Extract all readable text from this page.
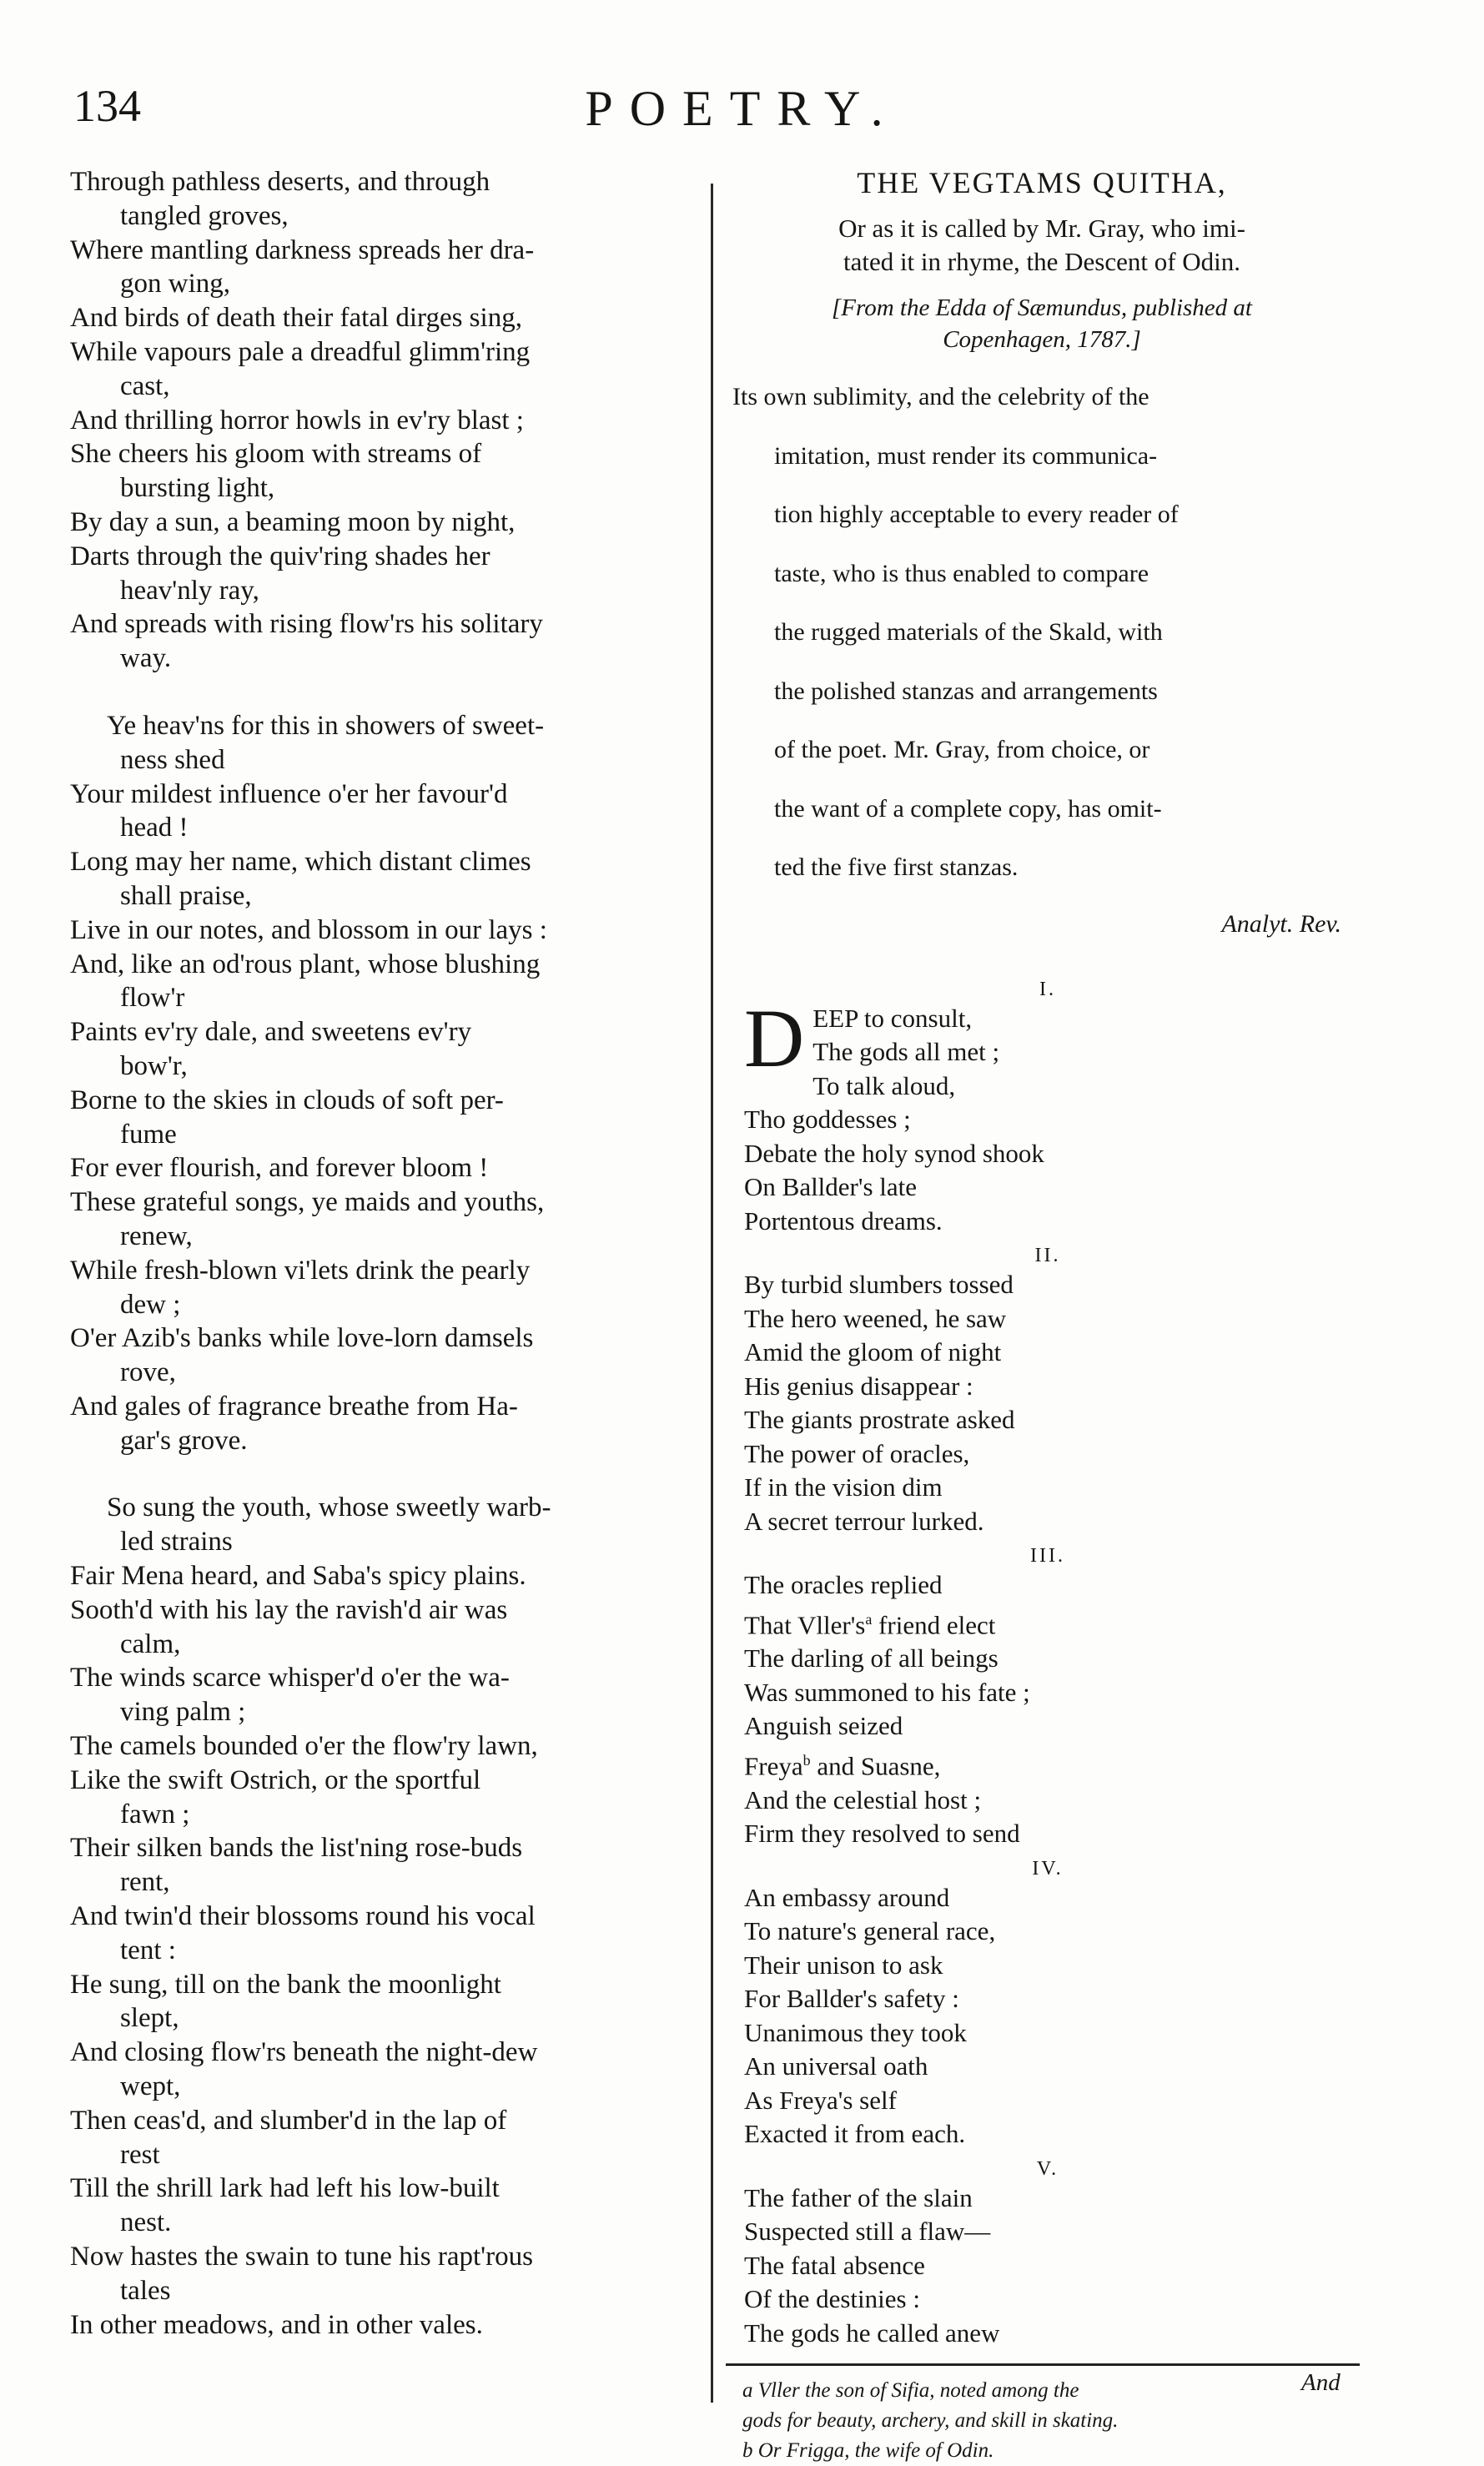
134	POETRY.

Through pathless deserts, and through

tangled groves,

Where mantling darkness spreads her dra-

gon wing,

And birds of death their fatal dirges sing,

While vapours pale a dreadful glimm'ring

cast,

And thrilling horror howls in ev'ry blast ;

She cheers his gloom with streams of

bursting light,

By day a sun, a beaming moon by night,

Darts through the quiv'ring shades her

heav'nly ray,

And spreads with rising flow'rs his solitary

way.

Ye heav'ns for this in showers of sweet-

ness shed

Your mildest influence o'er her favour'd

head !

Long may her name, which distant climes

shall praise,

Live in our notes, and blossom in our lays :

And, like an od'rous plant, whose blushing

flow'r

Paints ev'ry dale, and sweetens ev'ry

bow'r,

Borne to the skies in clouds of soft per-

fume

For ever flourish, and forever bloom !

These grateful songs, ye maids and youths,

renew,

While fresh-blown vi'lets drink the pearly

dew ;

O'er Azib's banks while love-lorn damsels

rove,

And gales of fragrance breathe from Ha-

gar's grove.

So sung the youth, whose sweetly warb-

led strains

Fair Mena heard, and Saba's spicy plains.

Sooth'd with his lay the ravish'd air was

calm,

The winds scarce whisper'd o'er the wa-

ving palm ;

The camels bounded o'er the flow'ry lawn,

Like the swift Ostrich, or the sportful

fawn ;

Their silken bands the list'ning rose-buds

rent,

And twin'd their blossoms round his vocal

tent :

He sung, till on the bank the moonlight

slept,

And closing flow'rs beneath the night-dew

wept,

Then ceas'd, and slumber'd in the lap of

rest

Till the shrill lark had left his low-built

nest.

Now hastes the swain to tune his rapt'rous

tales

In other meadows, and in other vales.

THE VEGTAMS QUITHA,

Or as it is called by Mr. Gray, who imi-

tated it in rhyme, the Descent of Odin.

[From the Edda of Sæmundus, published at

Copenhagen, 1787.]

Its own sublimity, and the celebrity of the

imitation, must render its communica-

tion highly acceptable to every reader of

taste, who is thus enabled to compare

the rugged materials of the Skald, with

the polished stanzas and arrangements

of the poet. Mr. Gray, from choice, or

the want of a complete copy, has omit-

ted the five first stanzas.

Analyt. Rev.

I.

DEEP to consult,

The gods all met ;

To talk aloud,

Tho goddesses ;

Debate the holy synod shook

On Ballder's late

Portentous dreams.

II.

By turbid slumbers tossed

The hero weened, he saw

Amid the gloom of night

His genius disappear :

The giants prostrate asked

The power of oracles,

If in the vision dim

A secret terrour lurked.

III.

The oracles replied

That $Vller's^a$ friend elect

The darling of all beings

Was summoned to his fate ;

Anguish seized

Freya$^b$ and Suasne,

And the celestial host ;

Firm they resolved to send

IV.

An embassy around

To nature's general race,

Their unison to ask

For Ballder's safety :

Unanimous they took

An universal oath

As Freya's self

Exacted it from each.

V.

The father of the slain

Suspected still a flaw—

The fatal absence

Of the destinies :

The gods he called anew

a Vller the son of Sifia, noted among the

gods for beauty, archery, and skill in skating.

b Or Frigga, the wife of Odin.

And
